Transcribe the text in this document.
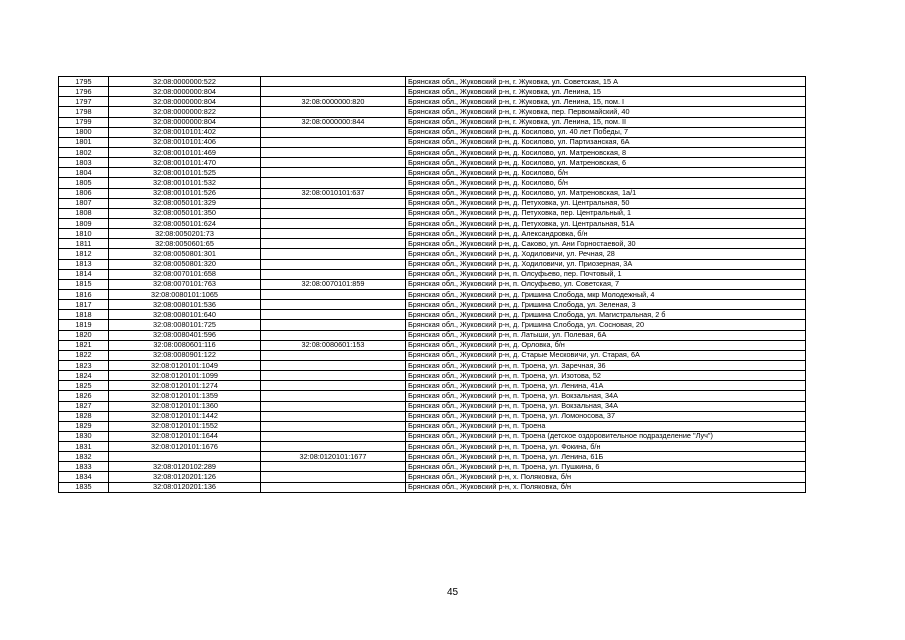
1795	32:08:0000000:522		Брянская обл., Жуковский р-н, г. Жуковка, ул. Советская, 15 А
1796	32:08:0000000:804		Брянская обл., Жуковский р-н, г. Жуковка, ул. Ленина, 15
1797	32:08:0000000:804	32:08:0000000:820	Брянская обл., Жуковский р-н, г. Жуковка, ул. Ленина, 15, пом. I
1798	32:08:0000000:822		Брянская обл., Жуковский р-н, г. Жуковка, пер. Первомайский, 40
1799	32:08:0000000:804	32:08:0000000:844	Брянская обл., Жуковский р-н, г. Жуковка, ул. Ленина, 15, пом. II
1800	32:08:0010101:402		Брянская обл., Жуковский р-н, д. Косилово, ул. 40 лет Победы, 7
1801	32:08:0010101:406		Брянская обл., Жуковский р-н, д. Косилово, ул. Партизанская, 6А
1802	32:08:0010101:469		Брянская обл., Жуковский р-н, д. Косилово, ул. Матреновская, 8
1803	32:08:0010101:470		Брянская обл., Жуковский р-н, д. Косилово, ул. Матреновская, 6
1804	32:08:0010101:525		Брянская обл., Жуковский р-н, д. Косилово, б/н
1805	32:08:0010101:532		Брянская обл., Жуковский р-н, д. Косилово, б/н
1806	32:08:0010101:526	32:08:0010101:637	Брянская обл., Жуковский р-н, д. Косилово, ул. Матреновская, 1а/1
1807	32:08:0050101:329		Брянская обл., Жуковский р-н, д. Петуховка, ул. Центральная, 50
1808	32:08:0050101:350		Брянская обл., Жуковский р-н, д. Петуховка, пер. Центральный, 1
1809	32:08:0050101:624		Брянская обл., Жуковский р-н, д. Петуховка, ул. Центральная, 51А
1810	32:08:0050201:73		Брянская обл., Жуковский р-н, д. Александровка, б/н
1811	32:08:0050601:65		Брянская обл., Жуковский р-н, д. Саково, ул. Ани Горностаевой, 30
1812	32:08:0050801:301		Брянская обл., Жуковский р-н, д. Ходиловичи, ул. Речная, 28
1813	32:08:0050801:320		Брянская обл., Жуковский р-н, д. Ходиловичи, ул. Приозерная, 3А
1814	32:08:0070101:658		Брянская обл., Жуковский р-н, п. Олсуфьево, пер. Почтовый, 1
1815	32:08:0070101:763	32:08:0070101:859	Брянская обл., Жуковский р-н, п. Олсуфьево, ул. Советская, 7
1816	32:08:0080101:1065		Брянская обл., Жуковский р-н, д. Гришина Слобода, мкр Молодежный, 4
1817	32:08:0080101:536		Брянская обл., Жуковский р-н, д. Гришина Слобода, ул. Зеленая, 3
1818	32:08:0080101:640		Брянская обл., Жуковский р-н, д. Гришина Слобода, ул. Магистральная, 2 б
1819	32:08:0080101:725		Брянская обл., Жуковский р-н, д. Гришина Слобода, ул. Сосновая, 20
1820	32:08:0080401:596		Брянская обл., Жуковский р-н, п. Латыши, ул. Полевая, 6А
1821	32:08:0080601:116	32:08:0080601:153	Брянская обл., Жуковский р-н, д. Орловка, б/н
1822	32:08:0080901:122		Брянская обл., Жуковский р-н, д. Старые Месковичи, ул. Старая, 6А
1823	32:08:0120101:1049		Брянская обл., Жуковский р-н, п. Троена, ул. Заречная, 36
1824	32:08:0120101:1099		Брянская обл., Жуковский р-н, п. Троена, ул. Изотова, 52
1825	32:08:0120101:1274		Брянская обл., Жуковский р-н, п. Троена, ул. Ленина, 41А
1826	32:08:0120101:1359		Брянская обл., Жуковский р-н, п. Троена, ул. Вокзальная, 34А
1827	32:08:0120101:1360		Брянская обл., Жуковский р-н, п. Троена, ул. Вокзальная, 34А
1828	32:08:0120101:1442		Брянская обл., Жуковский р-н, п. Троена, ул. Ломоносова, 37
1829	32:08:0120101:1552		Брянская обл., Жуковский р-н, п. Троена
1830	32:08:0120101:1644		Брянская обл., Жуковский р-н, п. Троена (детское оздоровительное подразделение "Луч")
1831	32:08:0120101:1676		Брянская обл., Жуковский р-н, п. Троена, ул. Фокина, б/н
1832		32:08:0120101:1677	Брянская обл., Жуковский р-н, п. Троена, ул. Ленина, 61Б
1833	32:08:0120102:289		Брянская обл., Жуковский р-н, п. Троена, ул. Пушкина, 6
1834	32:08:0120201:126		Брянская обл., Жуковский р-н, х. Поляковка, б/н
1835	32:08:0120201:136		Брянская обл., Жуковский р-н, х. Поляковка, б/н
45
